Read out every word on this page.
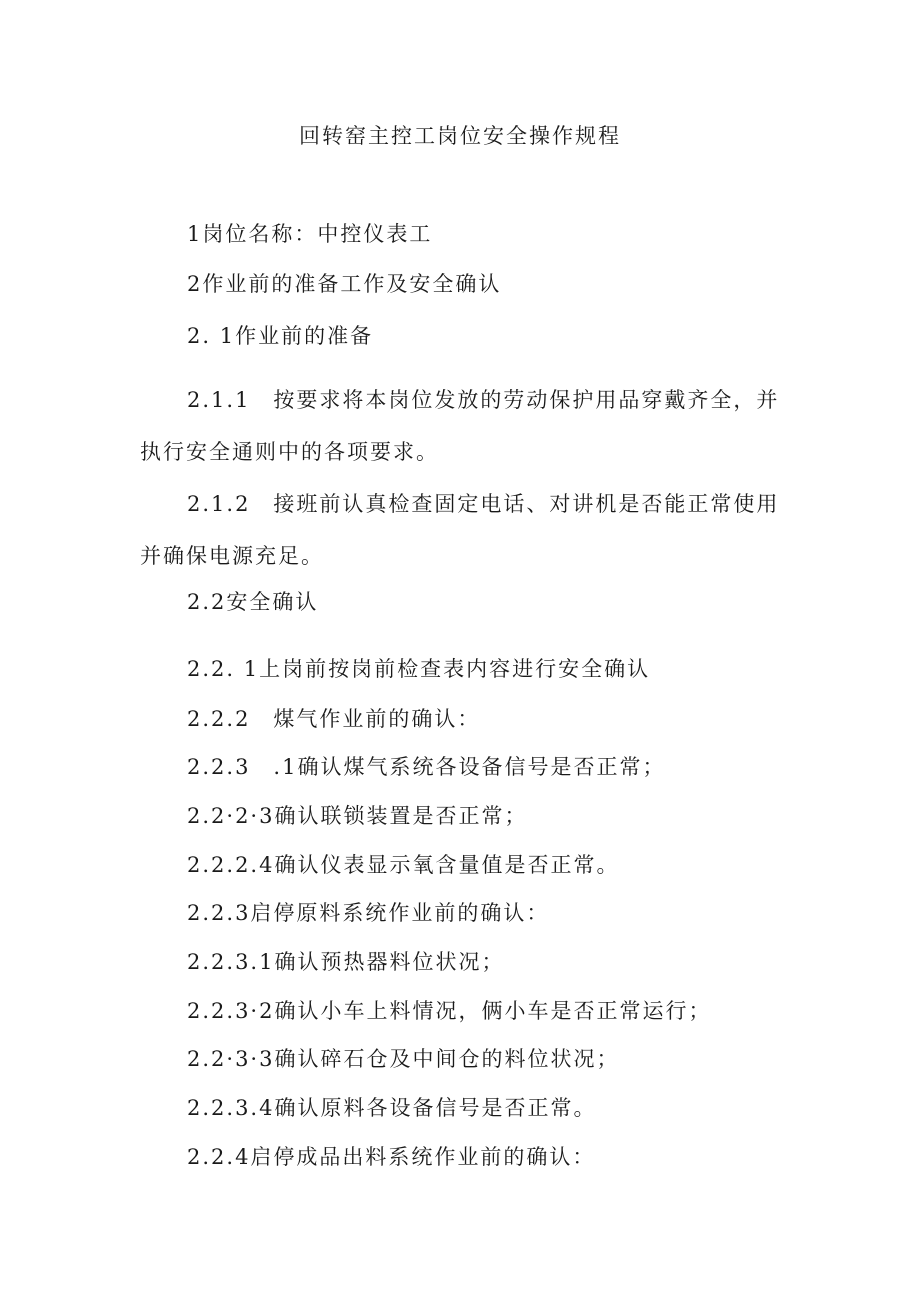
回转窑主控工岗位安全操作规程
1岗位名称：中控仪表工
2作业前的准备工作及安全确认
2. 1作业前的准备
2.1.1　按要求将本岗位发放的劳动保护用品穿戴齐全，并执行安全通则中的各项要求。
2.1.2　接班前认真检查固定电话、对讲机是否能正常使用并确保电源充足。
2.2安全确认
2.2. 1上岗前按岗前检查表内容进行安全确认
2.2.2　煤气作业前的确认：
2.2.3　.1确认煤气系统各设备信号是否正常；
2.2·2·3确认联锁装置是否正常；
2.2.2.4确认仪表显示氧含量值是否正常。
2.2.3启停原料系统作业前的确认：
2.2.3.1确认预热器料位状况；
2.2.3·2确认小车上料情况，俩小车是否正常运行；
2.2·3·3确认碎石仓及中间仓的料位状况；
2.2.3.4确认原料各设备信号是否正常。
2.2.4启停成品出料系统作业前的确认：
